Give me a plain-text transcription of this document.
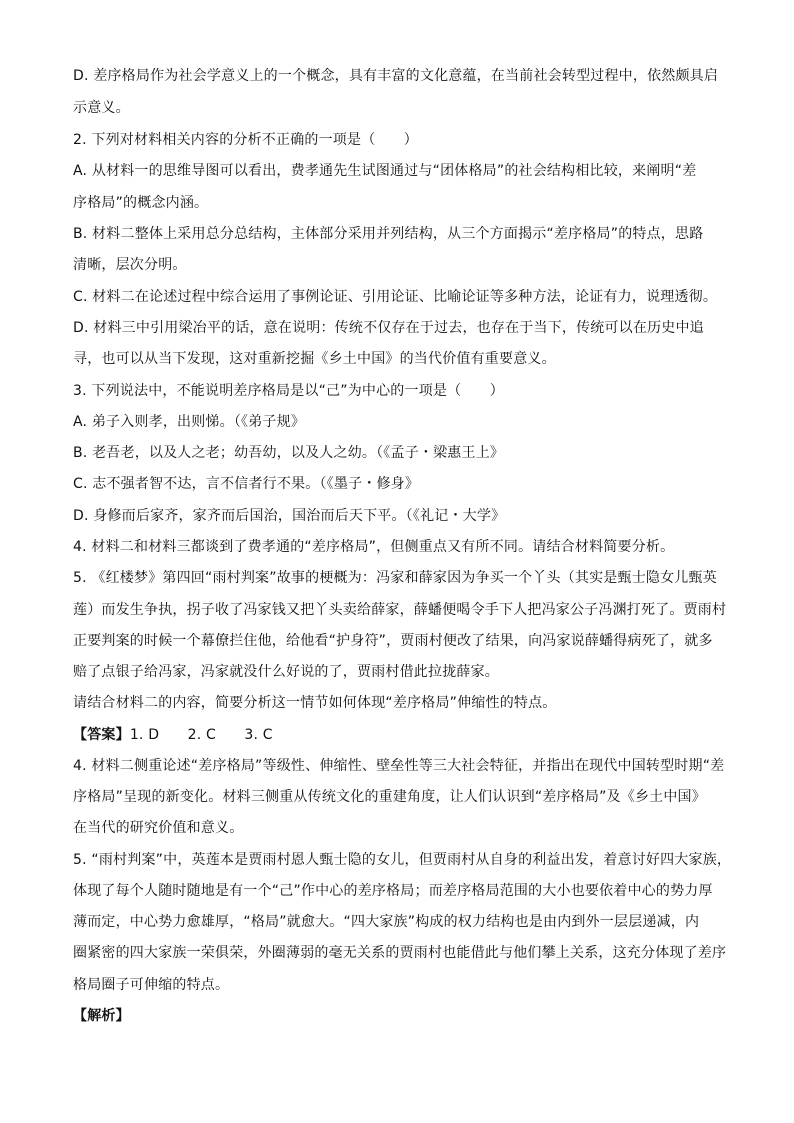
D. 差序格局作为社会学意义上的一个概念，具有丰富的文化意蕴，在当前社会转型过程中，依然颇具启
示意义。
2. 下列对材料相关内容的分析不正确的一项是（　　）
A. 从材料一的思维导图可以看出，费孝通先生试图通过与“团体格局”的社会结构相比较，来阐明“差
序格局”的概念内涵。
B. 材料二整体上采用总分总结构，主体部分采用并列结构，从三个方面揭示“差序格局”的特点，思路
清晰，层次分明。
C. 材料二在论述过程中综合运用了事例论证、引用论证、比喻论证等多种方法，论证有力，说理透彻。
D. 材料三中引用梁冶平的话，意在说明：传统不仅存在于过去，也存在于当下，传统可以在历史中追
寻，也可以从当下发现，这对重新挖掘《乡土中国》的当代价值有重要意义。
3. 下列说法中，不能说明差序格局是以“己”为中心的一项是（　　）
A. 弟子入则孝，出则悌。（《弟子规》
B. 老吾老，以及人之老；幼吾幼，以及人之幼。（《孟子・梁惠王上》
C. 志不强者智不达，言不信者行不果。（《墨子・修身》
D. 身修而后家齐，家齐而后国治，国治而后天下平。（《礼记・大学》
4. 材料二和材料三都谈到了费孝通的“差序格局”，但侧重点又有所不同。请结合材料简要分析。
5. 《红楼梦》第四回“雨村判案”故事的梗概为：冯家和薛家因为争买一个丫头（其实是甄士隐女儿甄英
莲）而发生争执，拐子收了冯家钱又把丫头卖给薛家，薛蟠便喝令手下人把冯家公子冯渊打死了。贾雨村
正要判案的时候一个幕僚拦住他，给他看“护身符”，贾雨村便改了结果，向冯家说薛蟠得病死了，就多
赔了点银子给冯家，冯家就没什么好说的了，贾雨村借此拉拢薛家。
请结合材料二的内容，简要分析这一情节如何体现“差序格局”伸缩性的特点。
【答案】1. D　　2. C　　3. C
4. 材料二侧重论述“差序格局”等级性、伸缩性、壁垒性等三大社会特征，并指出在现代中国转型时期“差
序格局”呈现的新变化。材料三侧重从传统文化的重建角度，让人们认识到“差序格局”及《乡土中国》
在当代的研究价值和意义。
5. “雨村判案”中，英莲本是贾雨村恩人甄士隐的女儿，但贾雨村从自身的利益出发，着意讨好四大家族，
体现了每个人随时随地是有一个“己”作中心的差序格局；而差序格局范围的大小也要依着中心的势力厚
薄而定，中心势力愈雄厚，“格局”就愈大。“四大家族”构成的权力结构也是由内到外一层层递减，内
圈紧密的四大家族一荣俱荣，外圈薄弱的毫无关系的贾雨村也能借此与他们攀上关系，这充分体现了差序
格局圈子可伸缩的特点。
【解析】
